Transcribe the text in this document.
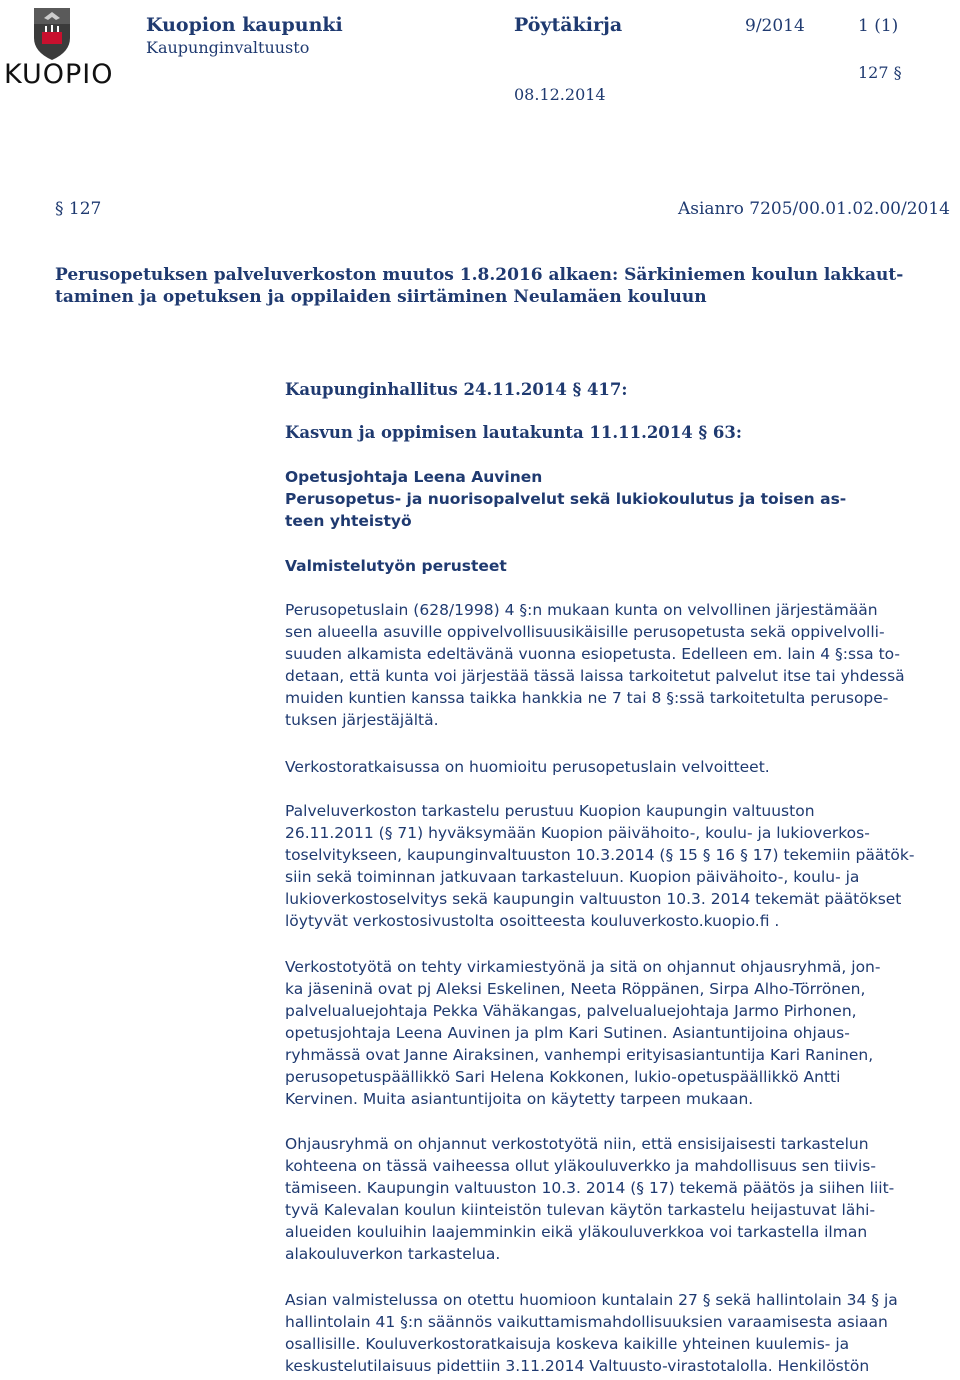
KUOPIO
Kuopion kaupunki
Kaupunginvaltuusto
Pöytäkirja	9/2014	1 (1)
127 §
08.12.2014
§ 127	Asianro 7205/00.01.02.00/2014
Perusopetuksen palveluverkoston muutos 1.8.2016 alkaen: Särkiniemen koulun lakkaut-
taminen ja opetuksen ja oppilaiden siirtäminen Neulamäen kouluun
Kaupunginhallitus 24.11.2014 § 417:
Kasvun ja oppimisen lautakunta 11.11.2014 § 63:
Opetusjohtaja Leena Auvinen
Perusopetus- ja nuorisopalvelut sekä lukiokoulutus ja toisen as-
teen yhteistyö
Valmistelutyön perusteet

Perusopetuslain (628/1998) 4 §:n mukaan kunta on velvollinen järjestämään

sen alueella asuville oppivelvollisuusikäisille perusopetusta sekä oppivelvolli-

suuden alkamista edeltävänä vuonna esiopetusta. Edelleen em. lain 4 §:ssa to-

detaan, että kunta voi järjestää tässä laissa tarkoitetut palvelut itse tai yhdessä

muiden kuntien kanssa taikka hankkia ne 7 tai 8 §:ssä tarkoitetulta perusope-

tuksen järjestäjältä.

Verkostoratkaisussa on huomioitu perusopetuslain velvoitteet.

Palveluverkoston tarkastelu perustuu Kuopion kaupungin valtuuston

26.11.2011 (§ 71) hyväksymään Kuopion päivähoito-, koulu- ja lukioverkos-

toselvitykseen, kaupunginvaltuuston 10.3.2014 (§ 15 § 16 § 17) tekemiin päätök-

siin sekä toiminnan jatkuvaan tarkasteluun. Kuopion päivähoito-, koulu- ja

lukioverkostoselvitys sekä kaupungin valtuuston 10.3. 2014 tekemät päätökset

löytyvät verkostosivustolta osoitteesta kouluverkosto.kuopio.fi .

Verkostotyötä on tehty virkamiestyönä ja sitä on ohjannut ohjausryhmä, jon-

ka jäseninä ovat pj Aleksi Eskelinen, Neeta Röppänen, Sirpa Alho-Törrönen,

palvelualuejohtaja Pekka Vähäkangas, palvelualuejohtaja Jarmo Pirhonen,

opetusjohtaja Leena Auvinen ja plm Kari Sutinen. Asiantuntijoina ohjaus-

ryhmässä ovat Janne Airaksinen, vanhempi erityisasiantuntija Kari Raninen,

perusopetuspäällikkö Sari Helena Kokkonen, lukio-opetuspäällikkö Antti

Kervinen. Muita asiantuntijoita on käytetty tarpeen mukaan.

Ohjausryhmä on ohjannut verkostotyötä niin, että ensisijaisesti tarkastelun

kohteena on tässä vaiheessa ollut yläkouluverkko ja mahdollisuus sen tiivis-

tämiseen. Kaupungin valtuuston 10.3. 2014 (§ 17) tekemä päätös ja siihen liit-

tyvä Kalevalan koulun kiinteistön tulevan käytön tarkastelu heijastuvat lähi-

alueiden kouluihin laajemminkin eikä yläkouluverkkoa voi tarkastella ilman

alakouluverkon tarkastelua.

Asian valmistelussa on otettu huomioon kuntalain 27 § sekä hallintolain 34 § ja

hallintolain 41 §:n säännös vaikuttamismahdollisuuksien varaamisesta asiaan

osallisille. Kouluverkostoratkaisuja koskeva kaikille yhteinen kuulemis- ja

keskustelutilaisuus pidettiin 3.11.2014 Valtuusto-virastotalolla. Henkilöstön
